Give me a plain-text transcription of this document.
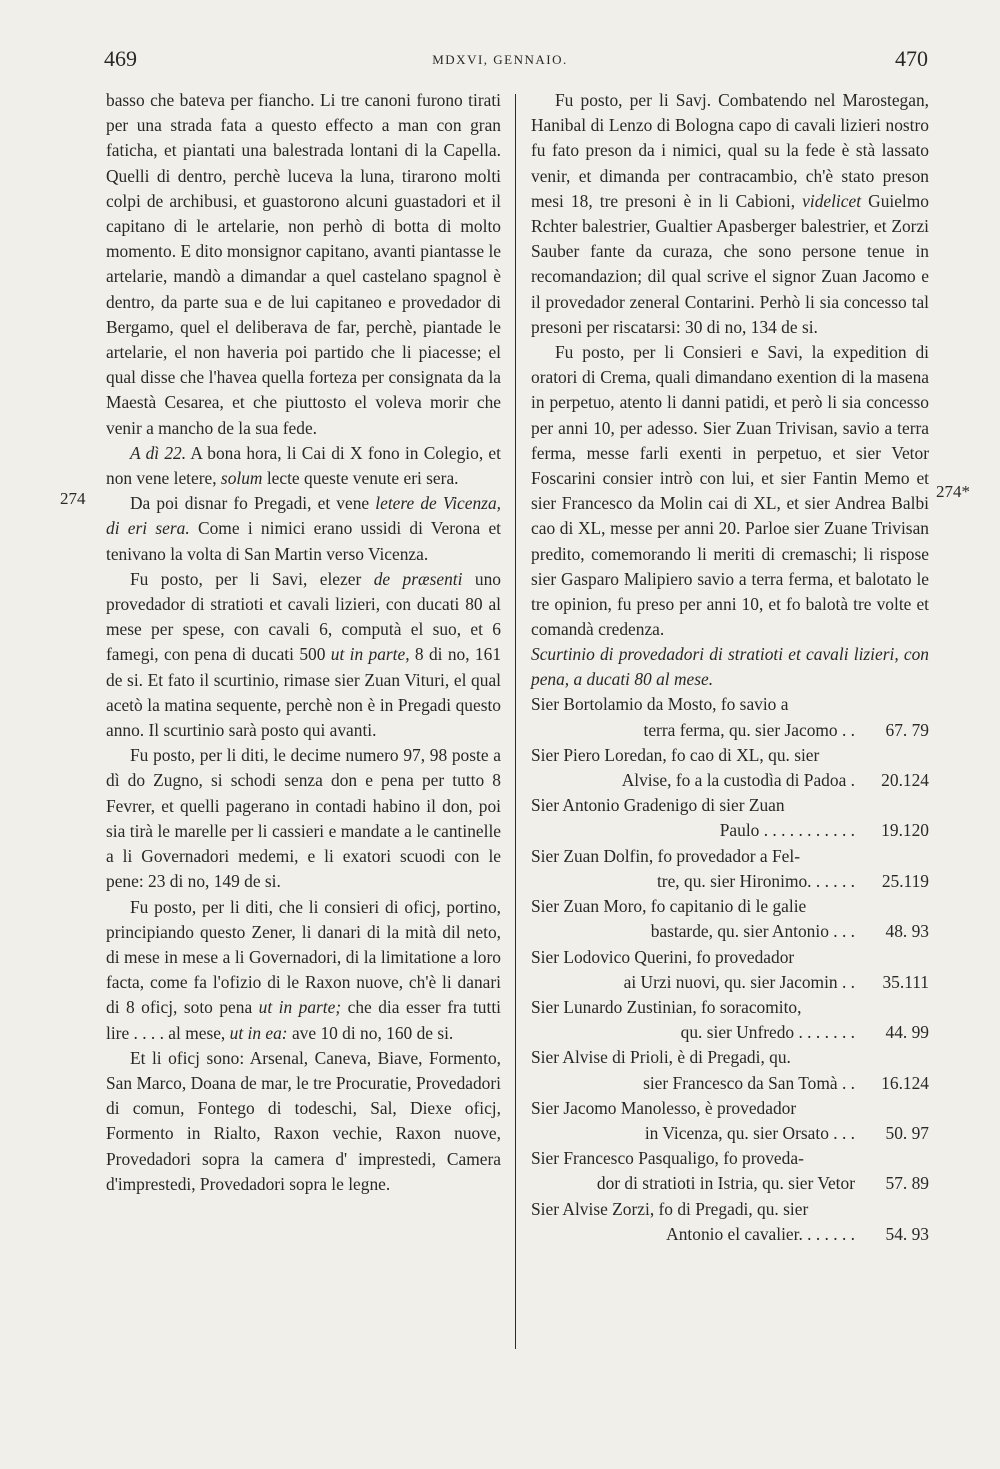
469	MDXVI, GENNAIO.	470
274	274*

basso che bateva per fiancho. Li tre canoni furono tirati per una strada fata a questo effecto a man con gran faticha, et piantati una balestrada lontani di la Capella. Quelli di dentro, perchè luceva la luna, tirarono molti colpi de archibusi, et guastorono alcuni guastadori et il capitano di le artelarie, non perhò di botta di molto momento. E dito monsignor capitano, avanti piantasse le artelarie, mandò a dimandar a quel castelano spagnol è dentro, da parte sua e de lui capitaneo e provedador di Bergamo, quel el deliberava de far, perchè, piantade le artelarie, el non haveria poi partido che li piacesse; el qual disse che l'havea quella forteza per consignata da la Maestà Cesarea, et che piuttosto el voleva morir che venir a mancho de la sua fede.

A dì 22. A bona hora, li Cai di X fono in Colegio, et non vene letere, solum lecte queste venute eri sera.

Da poi disnar fo Pregadi, et vene letere de Vicenza, di eri sera. Come i nimici erano ussidi di Verona et tenivano la volta di San Martin verso Vicenza.

Fu posto, per li Savi, elezer de præsenti uno provedador di stratioti et cavali lizieri, con ducati 80 al mese per spese, con cavali 6, computà el suo, et 6 famegi, con pena di ducati 500 ut in parte, 8 di no, 161 de si. Et fato il scurtinio, rimase sier Zuan Vituri, el qual acetò la matina sequente, perchè non è in Pregadi questo anno. Il scurtinio sarà posto qui avanti.

Fu posto, per li diti, le decime numero 97, 98 poste a dì do Zugno, si schodi senza don e pena per tutto 8 Fevrer, et quelli pagerano in contadi habino il don, poi sia tirà le marelle per li cassieri e mandate a le cantinelle a li Governadori medemi, e li exatori scuodi con le pene: 23 di no, 149 de si.

Fu posto, per li diti, che li consieri di oficj, portino, principiando questo Zener, li danari di la mità dil neto, di mese in mese a li Governadori, di la limitatione a loro facta, come fa l'ofizio di le Raxon nuove, ch'è li danari di 8 oficj, soto pena ut in parte; che dia esser fra tutti lire . . . . al mese, ut in ea: ave 10 di no, 160 de si.

Et li oficj sono: Arsenal, Caneva, Biave, Formento, San Marco, Doana de mar, le tre Procuratie, Provedadori di comun, Fontego di todeschi, Sal, Diexe oficj, Formento in Rialto, Raxon vechie, Raxon nuove, Provedadori sopra la camera d' imprestedi, Camera d'imprestedi, Provedadori sopra le legne.

Fu posto, per li Savj. Combatendo nel Marostegan, Hanibal di Lenzo di Bologna capo di cavali lizieri nostro fu fato preson da i nimici, qual su la fede è stà lassato venir, et dimanda per contracambio, ch'è stato preson mesi 18, tre presoni è in li Cabioni, videlicet Guielmo Rchter balestrier, Gualtier Apasberger balestrier, et Zorzi Sauber fante da curaza, che sono persone tenue in recomandazion; dil qual scrive el signor Zuan Jacomo e il provedador zeneral Contarini. Perhò li sia concesso tal presoni per riscatarsi: 30 di no, 134 de si.

Fu posto, per li Consieri e Savi, la expedition di oratori di Crema, quali dimandano exention di la masena in perpetuo, atento li danni patidi, et però li sia concesso per anni 10, per adesso. Sier Zuan Trivisan, savio a terra ferma, messe farli exenti in perpetuo, et sier Vetor Foscarini consier intrò con lui, et sier Fantin Memo et sier Francesco da Molin cai di XL, et sier Andrea Balbi cao di XL, messe per anni 20. Parloe sier Zuane Trivisan predito, comemorando li meriti di cremaschi; li rispose sier Gasparo Malipiero savio a terra ferma, et balotato le tre opinion, fu preso per anni 10, et fo balotà tre volte et comandà credenza.

Scurtinio di provedadori di stratioti et cavali lizieri, con pena, a ducati 80 al mese.

Sier Bortolamio da Mosto, fo savio a
terra ferma, qu. sier Jacomo . .	67. 79
Sier Piero Loredan, fo cao di XL, qu. sier
Alvise, fo a la custodìa di Padoa .	20.124
Sier Antonio Gradenigo di sier Zuan
Paulo . . . . . . . . . . .	19.120
Sier Zuan Dolfin, fo provedador a Fel-
tre, qu. sier Hironimo. . . . . .	25.119
Sier Zuan Moro, fo capitanio di le galie
bastarde, qu. sier Antonio . . .	48. 93
Sier Lodovico Querini, fo provedador
ai Urzi nuovi, qu. sier Jacomin . .	35.111
Sier Lunardo Zustinian, fo soracomito,
qu. sier Unfredo . . . . . . .	44. 99
Sier Alvise di Prioli, è di Pregadi, qu.
sier Francesco da San Tomà . .	16.124
Sier Jacomo Manolesso, è provedador
in Vicenza, qu. sier Orsato . . .	50. 97
Sier Francesco Pasqualigo, fo proveda-
dor di stratioti in Istria, qu. sier Vetor	57. 89
Sier Alvise Zorzi, fo di Pregadi, qu. sier
Antonio el cavalier. . . . . . .	54. 93
